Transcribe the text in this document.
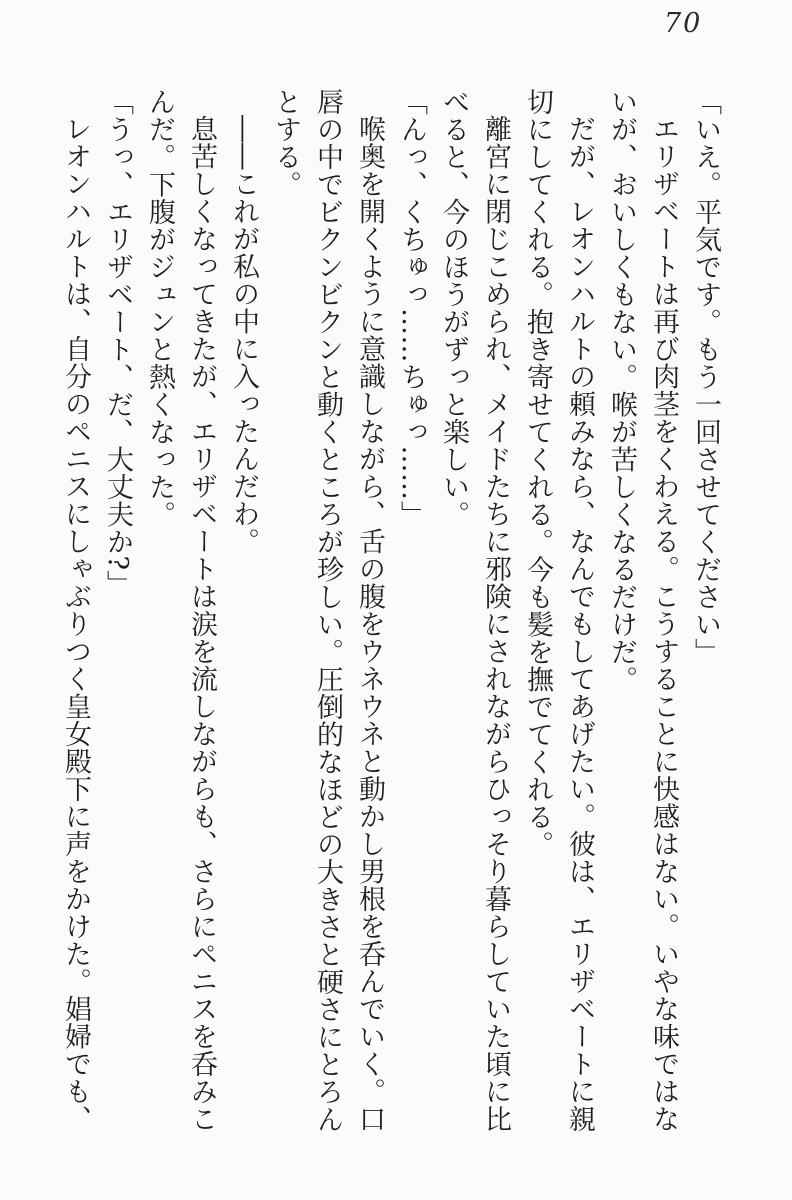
70

「いえ。平気です。もう一回させてください」

エリザベートは再び肉茎をくわえる。こうすることに快感はない。いやな味ではな

いが、おいしくもない。喉が苦しくなるだけだ。

だが、レオンハルトの頼みなら、なんでもしてあげたい。彼は、エリザベートに親

切にしてくれる。抱き寄せてくれる。今も髪を撫でてくれる。

離宮に閉じこめられ、メイドたちに邪険にされながらひっそり暮らしていた頃に比

べると、今のほうがずっと楽しい。

「んっ、くちゅっ……ちゅっ……」

喉奥を開くように意識しながら、舌の腹をウネウネと動かし男根を呑んでいく。口

唇の中でビクンビクンと動くところが珍しい。圧倒的なほどの大きさと硬さにとろん

とする。

――これが私の中に入ったんだわ。

息苦しくなってきたが、エリザベートは涙を流しながらも、さらにペニスを呑みこ

んだ。下腹がジュンと熱くなった。

「うっ、エリザベート、だ、大丈夫か?」

レオンハルトは、自分のペニスにしゃぶりつく皇女殿下に声をかけた。娼婦でも、
